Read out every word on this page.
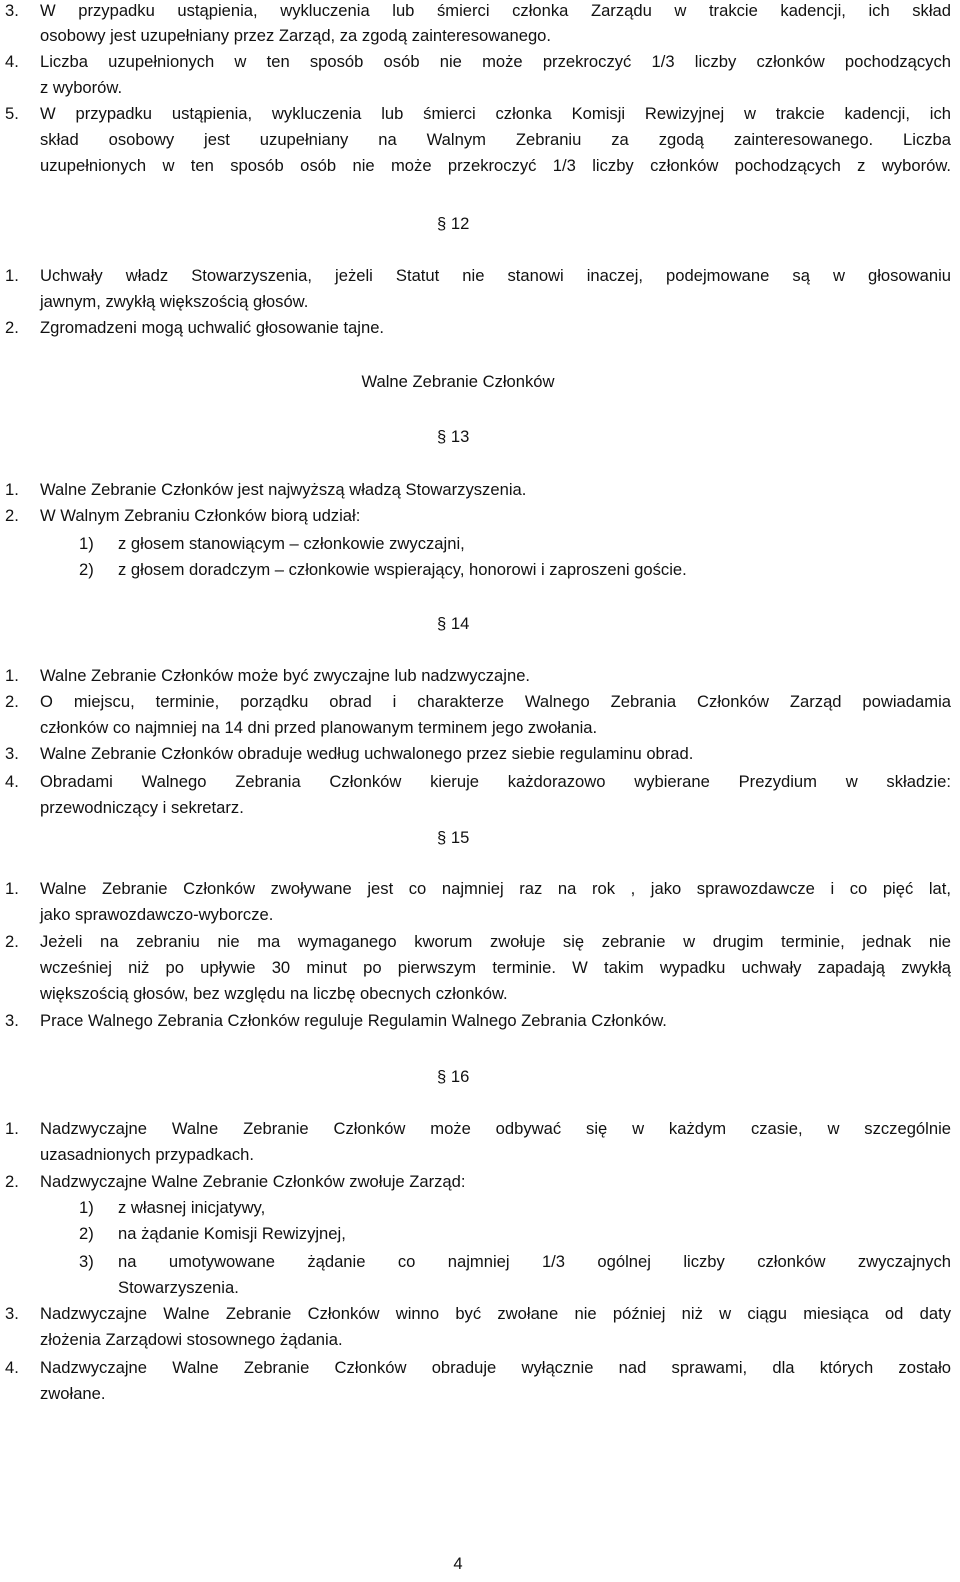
3. W przypadku ustąpienia, wykluczenia lub śmierci członka Zarządu w trakcie kadencji, ich skład
osobowy jest uzupełniany przez Zarząd, za zgodą zainteresowanego.
4. Liczba uzupełnionych w ten sposób osób nie może przekroczyć 1/3 liczby członków pochodzących
z wyborów.
5. W przypadku ustąpienia, wykluczenia lub śmierci członka Komisji Rewizyjnej w trakcie kadencji, ich
skład osobowy jest uzupełniany na Walnym Zebraniu za zgodą zainteresowanego. Liczba
uzupełnionych w ten sposób osób nie może przekroczyć 1/3 liczby członków pochodzących z wyborów.
§ 12
1. Uchwały władz Stowarzyszenia, jeżeli Statut nie stanowi inaczej, podejmowane są w głosowaniu
jawnym, zwykłą większością głosów.
2. Zgromadzeni mogą uchwalić głosowanie tajne.
Walne Zebranie Członków
§ 13
1. Walne Zebranie Członków jest najwyższą władzą Stowarzyszenia.
2. W Walnym Zebraniu Członków biorą udział:
1) z głosem stanowiącym – członkowie zwyczajni,
2) z głosem doradczym – członkowie wspierający, honorowi i zaproszeni goście.
§ 14
1. Walne Zebranie Członków może być zwyczajne lub nadzwyczajne.
2. O miejscu, terminie, porządku obrad i charakterze Walnego Zebrania Członków Zarząd powiadamia
członków co najmniej na 14 dni przed planowanym terminem jego zwołania.
3. Walne Zebranie Członków obraduje według uchwalonego przez siebie regulaminu obrad.
4. Obradami Walnego Zebrania Członków kieruje każdorazowo wybierane Prezydium w składzie:
przewodniczący i sekretarz.
§ 15
1. Walne Zebranie Członków zwoływane jest co najmniej raz na rok , jako sprawozdawcze i co pięć lat,
jako sprawozdawczo-wyborcze.
2. Jeżeli na zebraniu nie ma wymaganego kworum zwołuje się zebranie w drugim terminie, jednak nie
wcześniej niż po upływie 30 minut po pierwszym terminie. W takim wypadku uchwały zapadają zwykłą
większością głosów, bez względu na liczbę obecnych członków.
3. Prace Walnego Zebrania Członków reguluje Regulamin Walnego Zebrania Członków.
§ 16
1. Nadzwyczajne Walne Zebranie Członków może odbywać się w każdym czasie, w szczególnie
uzasadnionych przypadkach.
2. Nadzwyczajne Walne Zebranie Członków zwołuje Zarząd:
1) z własnej inicjatywy,
2) na żądanie Komisji Rewizyjnej,
3) na umotywowane żądanie co najmniej 1/3 ogólnej liczby członków zwyczajnych
Stowarzyszenia.
3. Nadzwyczajne Walne Zebranie Członków winno być zwołane nie później niż w ciągu miesiąca od daty
złożenia Zarządowi stosownego żądania.
4. Nadzwyczajne Walne Zebranie Członków obraduje wyłącznie nad sprawami, dla których zostało
zwołane.
4
